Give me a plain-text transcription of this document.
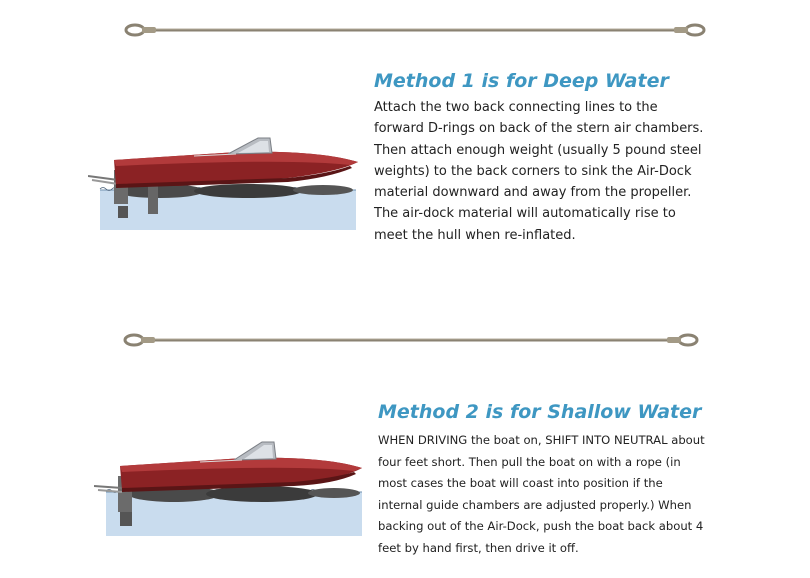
Method 1 is for Deep Water
Attach the two back connecting lines to the
forward D-rings on back of the stern air chambers.
Then attach enough weight (usually 5 pound steel
weights) to the back corners to sink the Air-Dock
material downward and away from the propeller.
The air-dock material will automatically rise to
meet the hull when re-inflated.
Method 2 is for Shallow Water
WHEN DRIVING the boat on, SHIFT INTO NEUTRAL about
four feet short. Then pull the boat on with a rope (in
most cases the boat will coast into position if the
internal guide chambers are adjusted properly.) When
backing out of the Air-Dock, push the boat back about 4
feet by hand first, then drive it off.
